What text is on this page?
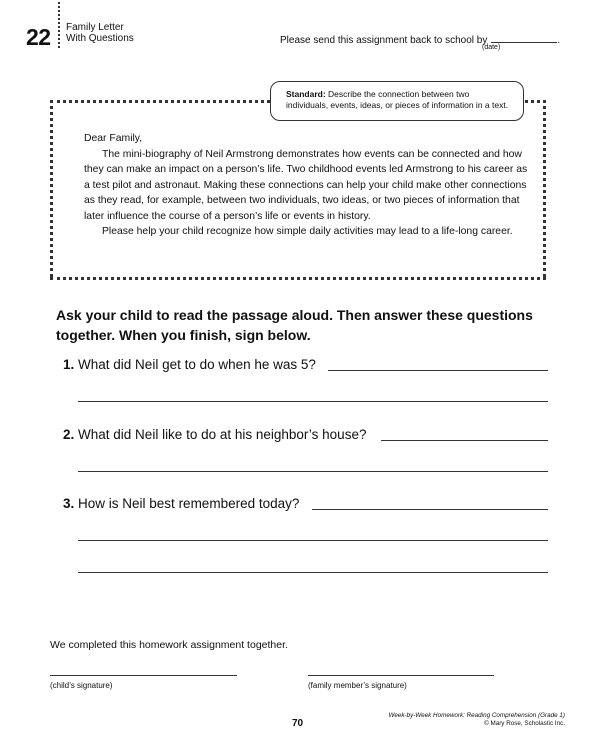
22 Family Letter
With Questions	Please send this assignment back to school by	.
(date)
Standard: Describe the connection between two individuals, events, ideas, or pieces of information in a text.

Dear Family,

The mini-biography of Neil Armstrong demonstrates how events can be connected and how they can make an impact on a person’s life. Two childhood events led Armstrong to his career as a test pilot and astronaut. Making these connections can help your child make other connections as they read, for example, between two individuals, two ideas, or two pieces of information that later influence the course of a person’s life or events in history.

Please help your child recognize how simple daily activities may lead to a life-long career.

Ask your child to read the passage aloud. Then answer these questions together. When you finish, sign below.
1. What did Neil get to do when he was 5?
2. What did Neil like to do at his neighbor’s house?
3. How is Neil best remembered today?
We completed this homework assignment together.
(child’s signature)	(family member’s signature)
70
Week-by-Week Homework: Reading Comprehension (Grade 1)
© Mary Rose, Scholastic Inc.
